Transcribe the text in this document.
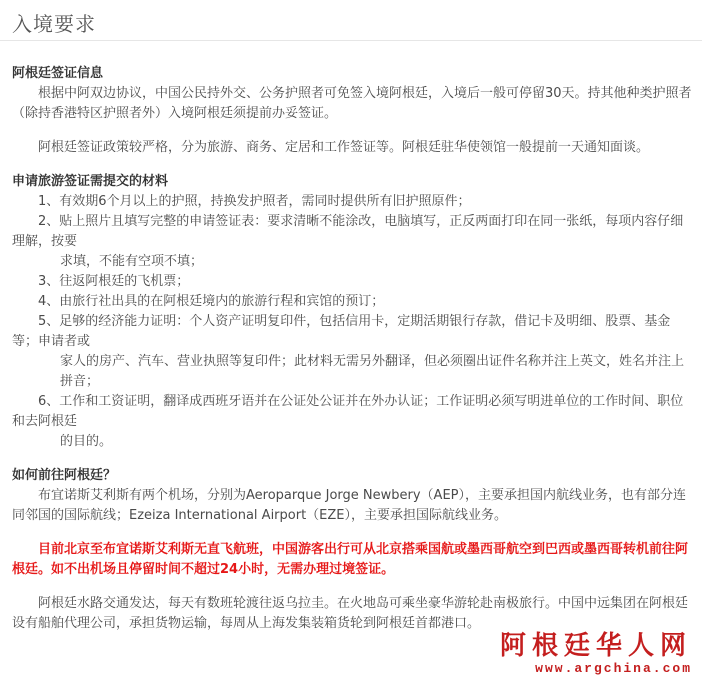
入境要求
阿根廷签证信息

根据中阿双边协议，中国公民持外交、公务护照者可免签入境阿根廷，入境后一般可停留30天。持其他种类护照者（除持香港特区护照者外）入境阿根廷须提前办妥签证。

阿根廷签证政策较严格，分为旅游、商务、定居和工作签证等。阿根廷驻华使领馆一般提前一天通知面谈。

申请旅游签证需提交的材料

1、有效期6个月以上的护照，持换发护照者，需同时提供所有旧护照原件；

2、贴上照片且填写完整的申请签证表：要求清晰不能涂改，电脑填写，正反两面打印在同一张纸，每项内容仔细理解，按要

求填，不能有空项不填；

3、往返阿根廷的飞机票；

4、由旅行社出具的在阿根廷境内的旅游行程和宾馆的预订；

5、足够的经济能力证明：个人资产证明复印件，包括信用卡，定期活期银行存款，借记卡及明细、股票、基金等；申请者或

家人的房产、汽车、营业执照等复印件；此材料无需另外翻译，但必须圈出证件名称并注上英文，姓名并注上拼音；

6、工作和工资证明，翻译成西班牙语并在公证处公证并在外办认证；工作证明必须写明进单位的工作时间、职位和去阿根廷

的目的。

如何前往阿根廷？

布宜诺斯艾利斯有两个机场，分别为Aeroparque Jorge Newbery（AEP），主要承担国内航线业务，也有部分连同邻国的国际航线；Ezeiza International Airport（EZE），主要承担国际航线业务。

目前北京至布宜诺斯艾利斯无直飞航班，中国游客出行可从北京搭乘国航或墨西哥航空到巴西或墨西哥转机前往阿根廷。如不出机场且停留时间不超过24小时，无需办理过境签证。

阿根廷水路交通发达，每天有数班轮渡往返乌拉圭。在火地岛可乘坐豪华游轮赴南极旅行。中国中远集团在阿根廷设有船舶代理公司，承担货物运输，每周从上海发集装箱货轮到阿根廷首都港口。

阿根廷华人网
www.argchina.com
